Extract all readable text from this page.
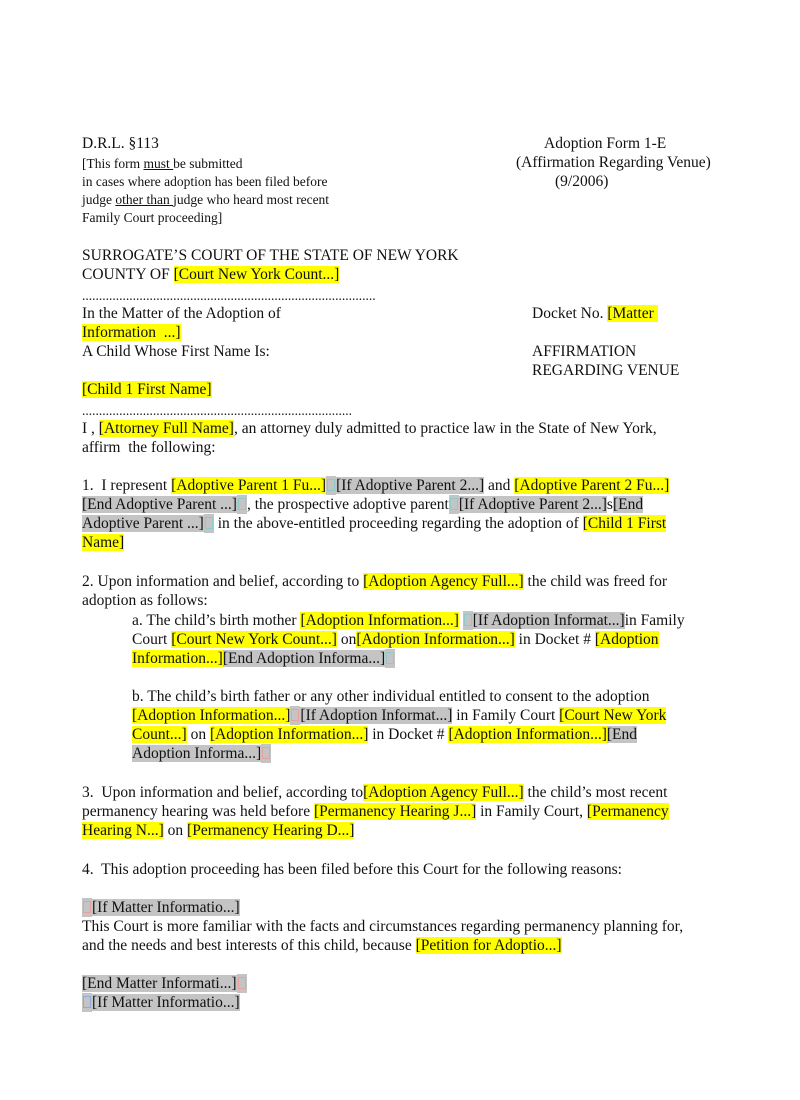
D.R.L. §113	Adoption Form 1-E
[This form must be submitted	(Affirmation Regarding Venue)
in cases where adoption has been filed before	(9/2006)
judge other than judge who heard most recent
Family Court proceeding]
SURROGATE’S COURT OF THE STATE OF NEW YORK
COUNTY OF [Court New York Count...]
.......................................................................................
In the Matter of the Adoption of	Docket No. [Matter
Information  ...]
A Child Whose First Name Is:	AFFIRMATION
REGARDING VENUE
[Child 1 First Name]
................................................................................
I , [Attorney Full Name], an attorney duly admitted to practice law in the State of New York,
affirm  the following:
1.  I represent [Adoptive Parent 1 Fu...] [If Adoptive Parent 2...] and [Adoptive Parent 2 Fu...]
[End Adoptive Parent ...] , the prospective adoptive parent [If Adoptive Parent 2...]s[End
Adoptive Parent ...] in the above-entitled proceeding regarding the adoption of [Child 1 First
Name]
2. Upon information and belief, according to [Adoption Agency Full...] the child was freed for
adoption as follows:
a. The child’s birth mother [Adoption Information...] [If Adoption Informat...]in Family
Court [Court New York Count...] on[Adoption Information...] in Docket # [Adoption
Information...][End Adoption Informa...]
b. The child’s birth father or any other individual entitled to consent to the adoption
[Adoption Information...] [If Adoption Informat...] in Family Court [Court New York
Count...] on [Adoption Information...] in Docket # [Adoption Information...][End
Adoption Informa...]
3.  Upon information and belief, according to[Adoption Agency Full...] the child’s most recent
permanency hearing was held before [Permanency Hearing J...] in Family Court, [Permanency
Hearing N...] on [Permanency Hearing D...]
4.  This adoption proceeding has been filed before this Court for the following reasons:
[If Matter Informatio...]
This Court is more familiar with the facts and circumstances regarding permanency planning for,
and the needs and best interests of this child, because [Petition for Adoptio...]
[End Matter Informati...]
[If Matter Informatio...]
